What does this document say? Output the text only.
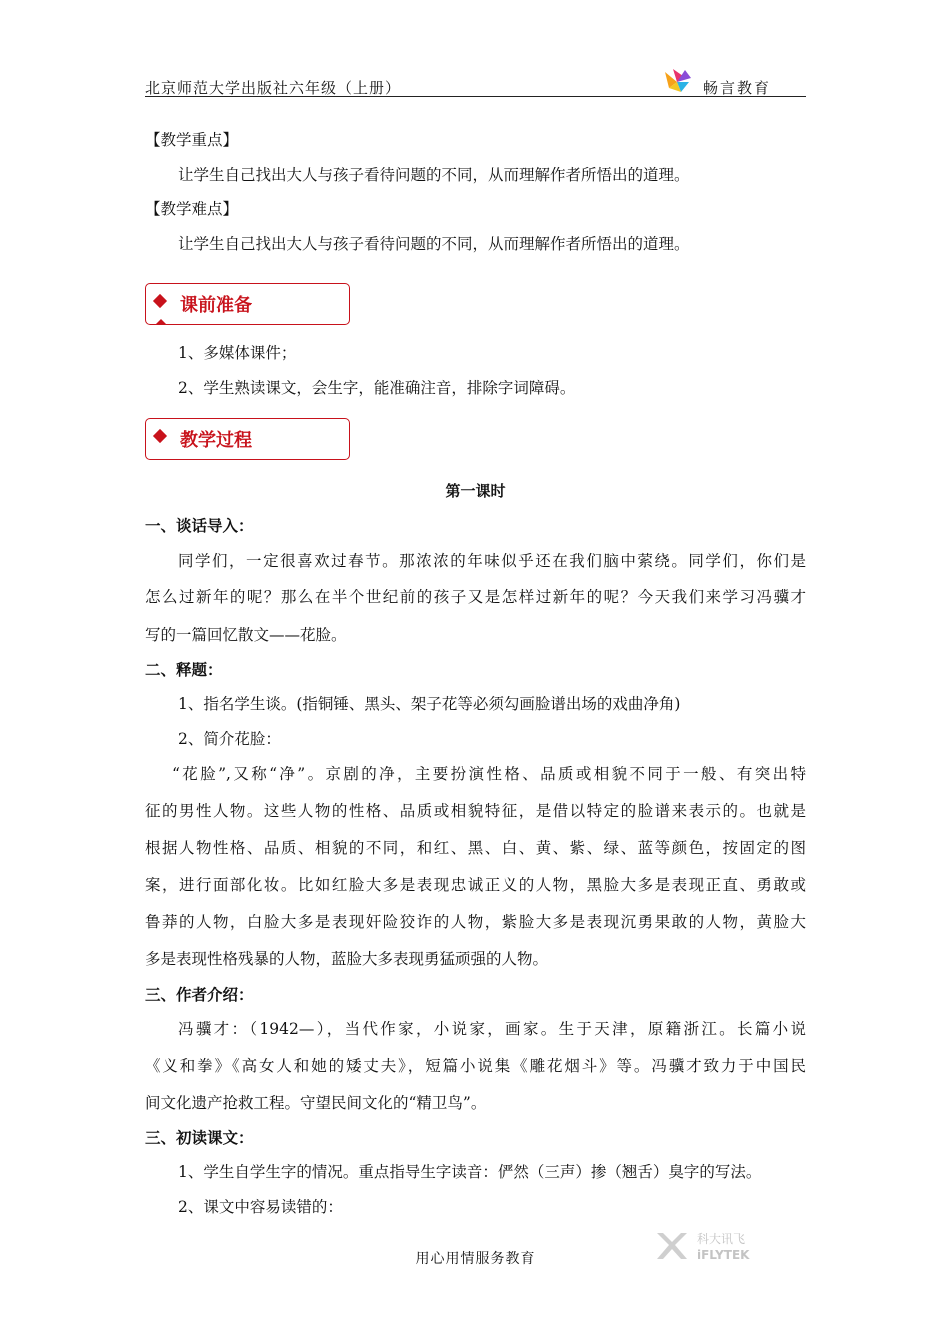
北京师范大学出版社六年级（上册）	畅言教育
【教学重点】
让学生自己找出大人与孩子看待问题的不同，从而理解作者所悟出的道理。
【教学难点】
让学生自己找出大人与孩子看待问题的不同，从而理解作者所悟出的道理。
课前准备
1、多媒体课件；
2、学生熟读课文，会生字，能准确注音，排除字词障碍。
教学过程
第一课时
一、谈话导入：
同学们，一定很喜欢过春节。那浓浓的年味似乎还在我们脑中萦绕。同学们，你们是
怎么过新年的呢？那么在半个世纪前的孩子又是怎样过新年的呢？今天我们来学习冯骥才
写的一篇回忆散文——花脸。
二、释题：
1、指名学生谈。(指铜锤、黑头、架子花等必须勾画脸谱出场的戏曲净角)
2、简介花脸：
“花脸”,又称“净”。京剧的净，主要扮演性格、品质或相貌不同于一般、有突出特
征的男性人物。这些人物的性格、品质或相貌特征，是借以特定的脸谱来表示的。也就是
根据人物性格、品质、相貌的不同，和红、黑、白、黄、紫、绿、蓝等颜色，按固定的图
案，进行面部化妆。比如红脸大多是表现忠诚正义的人物，黑脸大多是表现正直、勇敢或
鲁莽的人物，白脸大多是表现奸险狡诈的人物，紫脸大多是表现沉勇果敢的人物，黄脸大
多是表现性格残暴的人物，蓝脸大多表现勇猛顽强的人物。
三、作者介绍：
冯骥才：（1942—），当代作家，小说家，画家。生于天津，原籍浙江。长篇小说
《义和拳》《高女人和她的矮丈夫》，短篇小说集《雕花烟斗》等。冯骥才致力于中国民
间文化遗产抢救工程。守望民间文化的“精卫鸟”。
三、初读课文：
1、学生自学生字的情况。重点指导生字读音：俨然（三声）掺（翘舌）臭字的写法。
2、课文中容易读错的：
用心用情服务教育
科大讯飞
iFLYTEK
